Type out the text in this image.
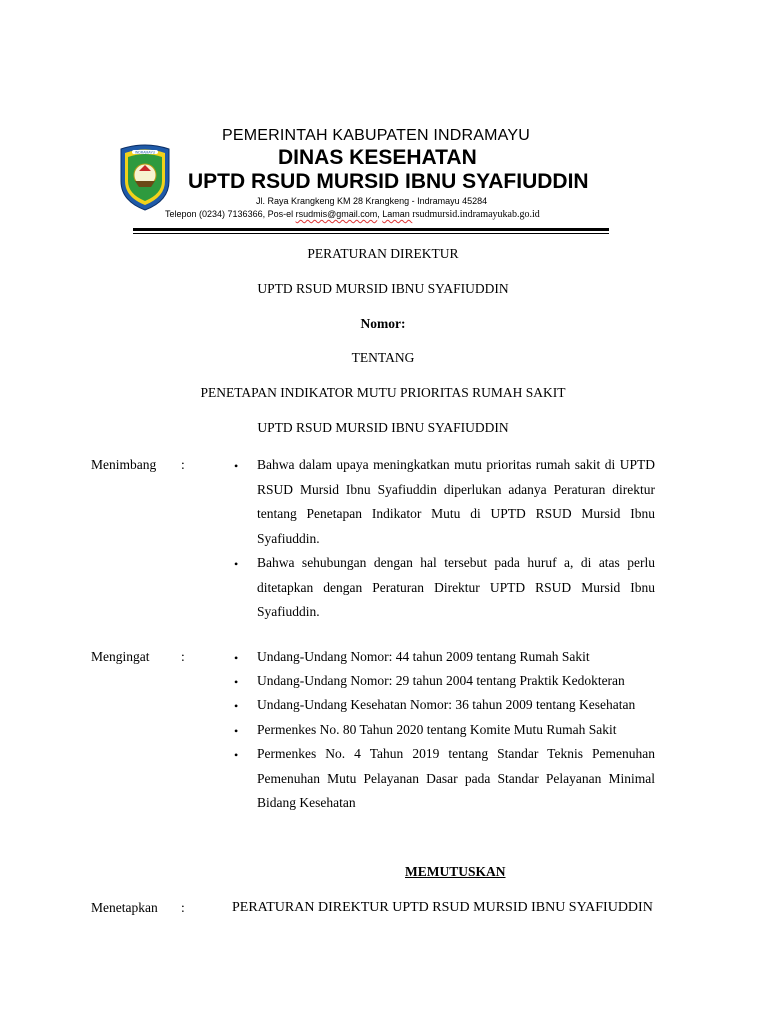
INDRAMAYU
PEMERINTAH KABUPATEN INDRAMAYU
DINAS KESEHATAN
UPTD RSUD MURSID IBNU SYAFIUDDIN
Jl. Raya Krangkeng KM 28 Krangkeng - Indramayu 45284
Telepon (0234) 7136366, Pos-el rsudmis@gmail.com, Laman rsudmursid.indramayukab.go.id
PERATURAN DIREKTUR
UPTD RSUD MURSID IBNU SYAFIUDDIN
Nomor:
TENTANG
PENETAPAN INDIKATOR MUTU PRIORITAS RUMAH SAKIT
UPTD RSUD MURSID IBNU SYAFIUDDIN
Menimbang :	• Bahwa dalam upaya meningkatkan mutu prioritas rumah sakit di UPTD RSUD Mursid Ibnu Syafiuddin diperlukan adanya Peraturan direktur tentang Penetapan Indikator Mutu di UPTD RSUD Mursid Ibnu Syafiuddin.
• Bahwa sehubungan dengan hal tersebut pada huruf a, di atas perlu ditetapkan dengan Peraturan Direktur UPTD RSUD Mursid Ibnu Syafiuddin.
Mengingat :	• Undang-Undang Nomor: 44 tahun 2009 tentang Rumah Sakit
• Undang-Undang Nomor: 29 tahun 2004 tentang Praktik Kedokteran
• Undang-Undang Kesehatan Nomor: 36 tahun 2009 tentang Kesehatan
• Permenkes No. 80 Tahun 2020 tentang Komite Mutu Rumah Sakit
• Permenkes No. 4 Tahun 2019 tentang Standar Teknis Pemenuhan Pemenuhan Mutu Pelayanan Dasar pada Standar Pelayanan Minimal Bidang Kesehatan
MEMUTUSKAN
Menetapkan :	PERATURAN DIREKTUR UPTD RSUD MURSID IBNU SYAFIUDDIN
